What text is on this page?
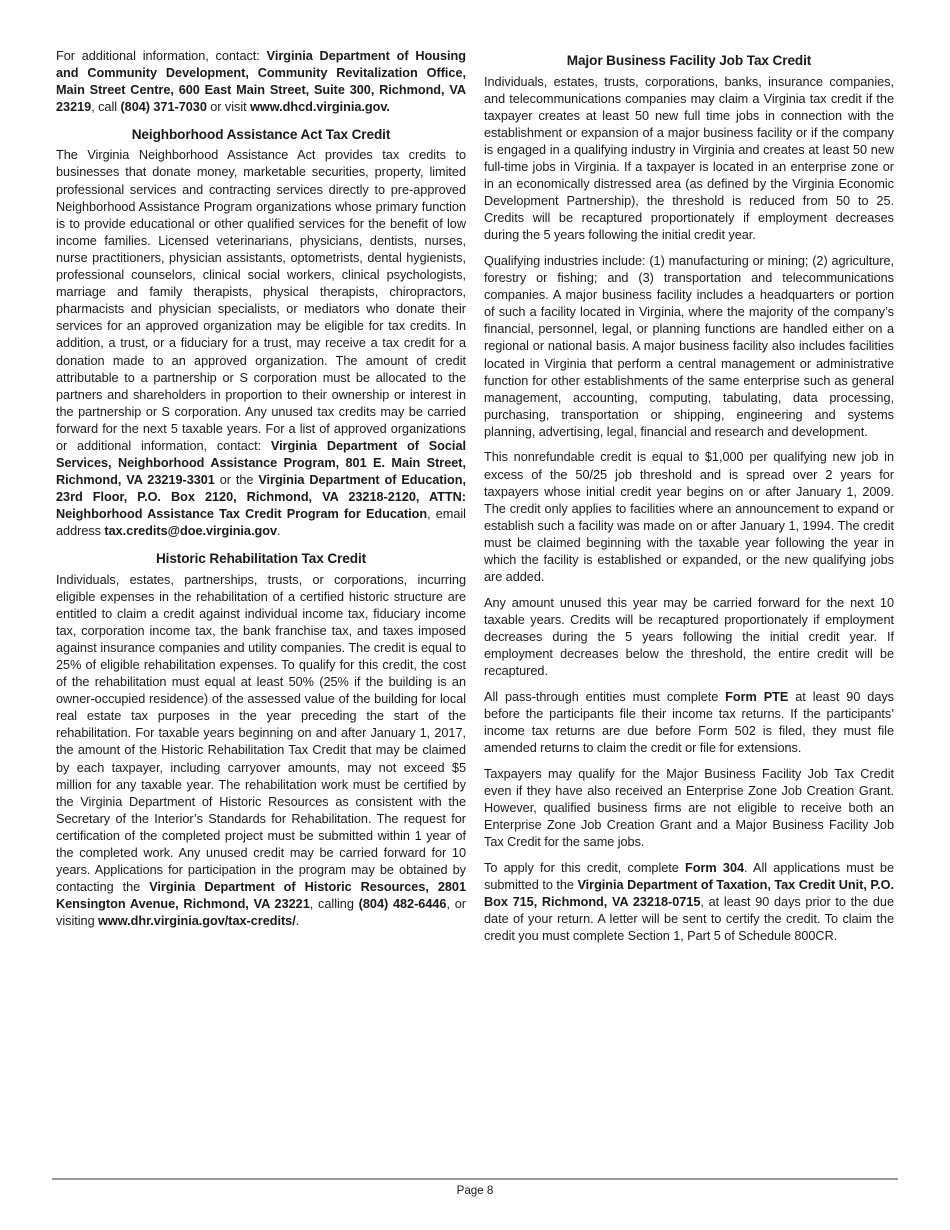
For additional information, contact: Virginia Department of Housing and Community Development, Community Revitalization Office, Main Street Centre, 600 East Main Street, Suite 300, Richmond, VA 23219, call (804) 371-7030 or visit www.dhcd.virginia.gov.

Neighborhood Assistance Act Tax Credit

The Virginia Neighborhood Assistance Act provides tax credits to businesses that donate money, marketable securities, property, limited professional services and contracting services directly to pre-approved Neighborhood Assistance Program organizations whose primary function is to provide educational or other qualified services for the benefit of low income families. Licensed veterinarians, physicians, dentists, nurses, nurse practitioners, physician assistants, optometrists, dental hygienists, professional counselors, clinical social workers, clinical psychologists, marriage and family therapists, physical therapists, chiropractors, pharmacists and physician specialists, or mediators who donate their services for an approved organization may be eligible for tax credits. In addition, a trust, or a fiduciary for a trust, may receive a tax credit for a donation made to an approved organization. The amount of credit attributable to a partnership or S corporation must be allocated to the partners and shareholders in proportion to their ownership or interest in the partnership or S corporation. Any unused tax credits may be carried forward for the next 5 taxable years. For a list of approved organizations or additional information, contact: Virginia Department of Social Services, Neighborhood Assistance Program, 801 E. Main Street, Richmond, VA 23219-3301 or the Virginia Department of Education, 23rd Floor, P.O. Box 2120, Richmond, VA 23218-2120, ATTN: Neighborhood Assistance Tax Credit Program for Education, email address tax.credits@doe.virginia.gov.

Historic Rehabilitation Tax Credit

Individuals, estates, partnerships, trusts, or corporations, incurring eligible expenses in the rehabilitation of a certified historic structure are entitled to claim a credit against individual income tax, fiduciary income tax, corporation income tax, the bank franchise tax, and taxes imposed against insurance companies and utility companies. The credit is equal to 25% of eligible rehabilitation expenses. To qualify for this credit, the cost of the rehabilitation must equal at least 50% (25% if the building is an owner-occupied residence) of the assessed value of the building for local real estate tax purposes in the year preceding the start of the rehabilitation. For taxable years beginning on and after January 1, 2017, the amount of the Historic Rehabilitation Tax Credit that may be claimed by each taxpayer, including carryover amounts, may not exceed $5 million for any taxable year. The rehabilitation work must be certified by the Virginia Department of Historic Resources as consistent with the Secretary of the Interior’s Standards for Rehabilitation. The request for certification of the completed project must be submitted within 1 year of the completed work. Any unused credit may be carried forward for 10 years. Applications for participation in the program may be obtained by contacting the Virginia Department of Historic Resources, 2801 Kensington Avenue, Richmond, VA 23221, calling (804) 482-6446, or visiting www.dhr.virginia.gov/tax-credits/.

Major Business Facility Job Tax Credit

Individuals, estates, trusts, corporations, banks, insurance companies, and telecommunications companies may claim a Virginia tax credit if the taxpayer creates at least 50 new full time jobs in connection with the establishment or expansion of a major business facility or if the company is engaged in a qualifying industry in Virginia and creates at least 50 new full-time jobs in Virginia. If a taxpayer is located in an enterprise zone or in an economically distressed area (as defined by the Virginia Economic Development Partnership), the threshold is reduced from 50 to 25. Credits will be recaptured proportionately if employment decreases during the 5 years following the initial credit year.

Qualifying industries include: (1) manufacturing or mining; (2) agriculture, forestry or fishing; and (3) transportation and telecommunications companies. A major business facility includes a headquarters or portion of such a facility located in Virginia, where the majority of the company’s financial, personnel, legal, or planning functions are handled either on a regional or national basis. A major business facility also includes facilities located in Virginia that perform a central management or administrative function for other establishments of the same enterprise such as general management, accounting, computing, tabulating, data processing, purchasing, transportation or shipping, engineering and systems planning, advertising, legal, financial and research and development.

This nonrefundable credit is equal to $1,000 per qualifying new job in excess of the 50/25 job threshold and is spread over 2 years for taxpayers whose initial credit year begins on or after January 1, 2009. The credit only applies to facilities where an announcement to expand or establish such a facility was made on or after January 1, 1994. The credit must be claimed beginning with the taxable year following the year in which the facility is established or expanded, or the new qualifying jobs are added.

Any amount unused this year may be carried forward for the next 10 taxable years. Credits will be recaptured proportionately if employment decreases during the 5 years following the initial credit year. If employment decreases below the threshold, the entire credit will be recaptured.

All pass-through entities must complete Form PTE at least 90 days before the participants file their income tax returns. If the participants’ income tax returns are due before Form 502 is filed, they must file amended returns to claim the credit or file for extensions.

Taxpayers may qualify for the Major Business Facility Job Tax Credit even if they have also received an Enterprise Zone Job Creation Grant. However, qualified business firms are not eligible to receive both an Enterprise Zone Job Creation Grant and a Major Business Facility Job Tax Credit for the same jobs.

To apply for this credit, complete Form 304. All applications must be submitted to the Virginia Department of Taxation, Tax Credit Unit, P.O. Box 715, Richmond, VA 23218-0715, at least 90 days prior to the due date of your return. A letter will be sent to certify the credit. To claim the credit you must complete Section 1, Part 5 of Schedule 800CR.

Page 8
